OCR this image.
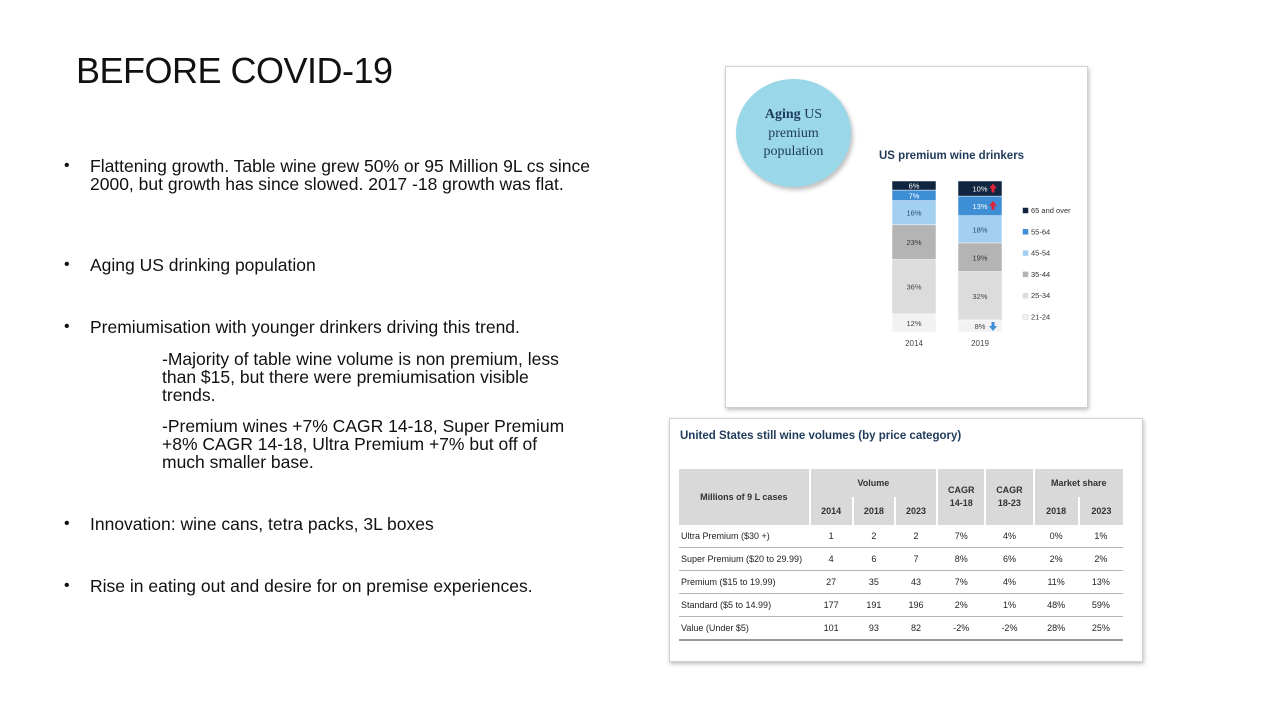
BEFORE COVID-19
• Flattening growth. Table wine grew 50% or 95 Million 9L cs since 2000, but growth has since slowed. 2017 -18 growth was flat.
• Aging US drinking population
• Premiumisation with younger drinkers driving this trend.
-Majority of table wine volume is non premium, less than $15, but there were premiumisation visible trends.
-Premium wines +7% CAGR 14-18, Super Premium +8% CAGR 14-18, Ultra Premium +7% but off of much smaller base.
• Innovation: wine cans, tetra packs, 3L boxes
• Rise in eating out and desire for on premise experiences.
Aging US
premium
population	US premium wine drinkers
12%
36%
23%
16%
7%
6%
2014
8%
32%
19%
18%
13%
10%
2019
65 and over
55-64
45-54
35-44
25-34
21-24
United States still wine volumes (by price category)
Millions of 9 L cases	Volume			CAGR 14-18	CAGR 18-23	Market share	
	2014	2018	2023			2018	2023
Ultra Premium ($30 +)	1	2	2	7%	4%	0%	1%
Super Premium ($20 to 29.99)	4	6	7	8%	6%	2%	2%
Premium ($15 to 19.99)	27	35	43	7%	4%	11%	13%
Standard ($5 to 14.99)	177	191	196	2%	1%	48%	59%
Value (Under $5)	101	93	82	-2%	-2%	28%	25%
